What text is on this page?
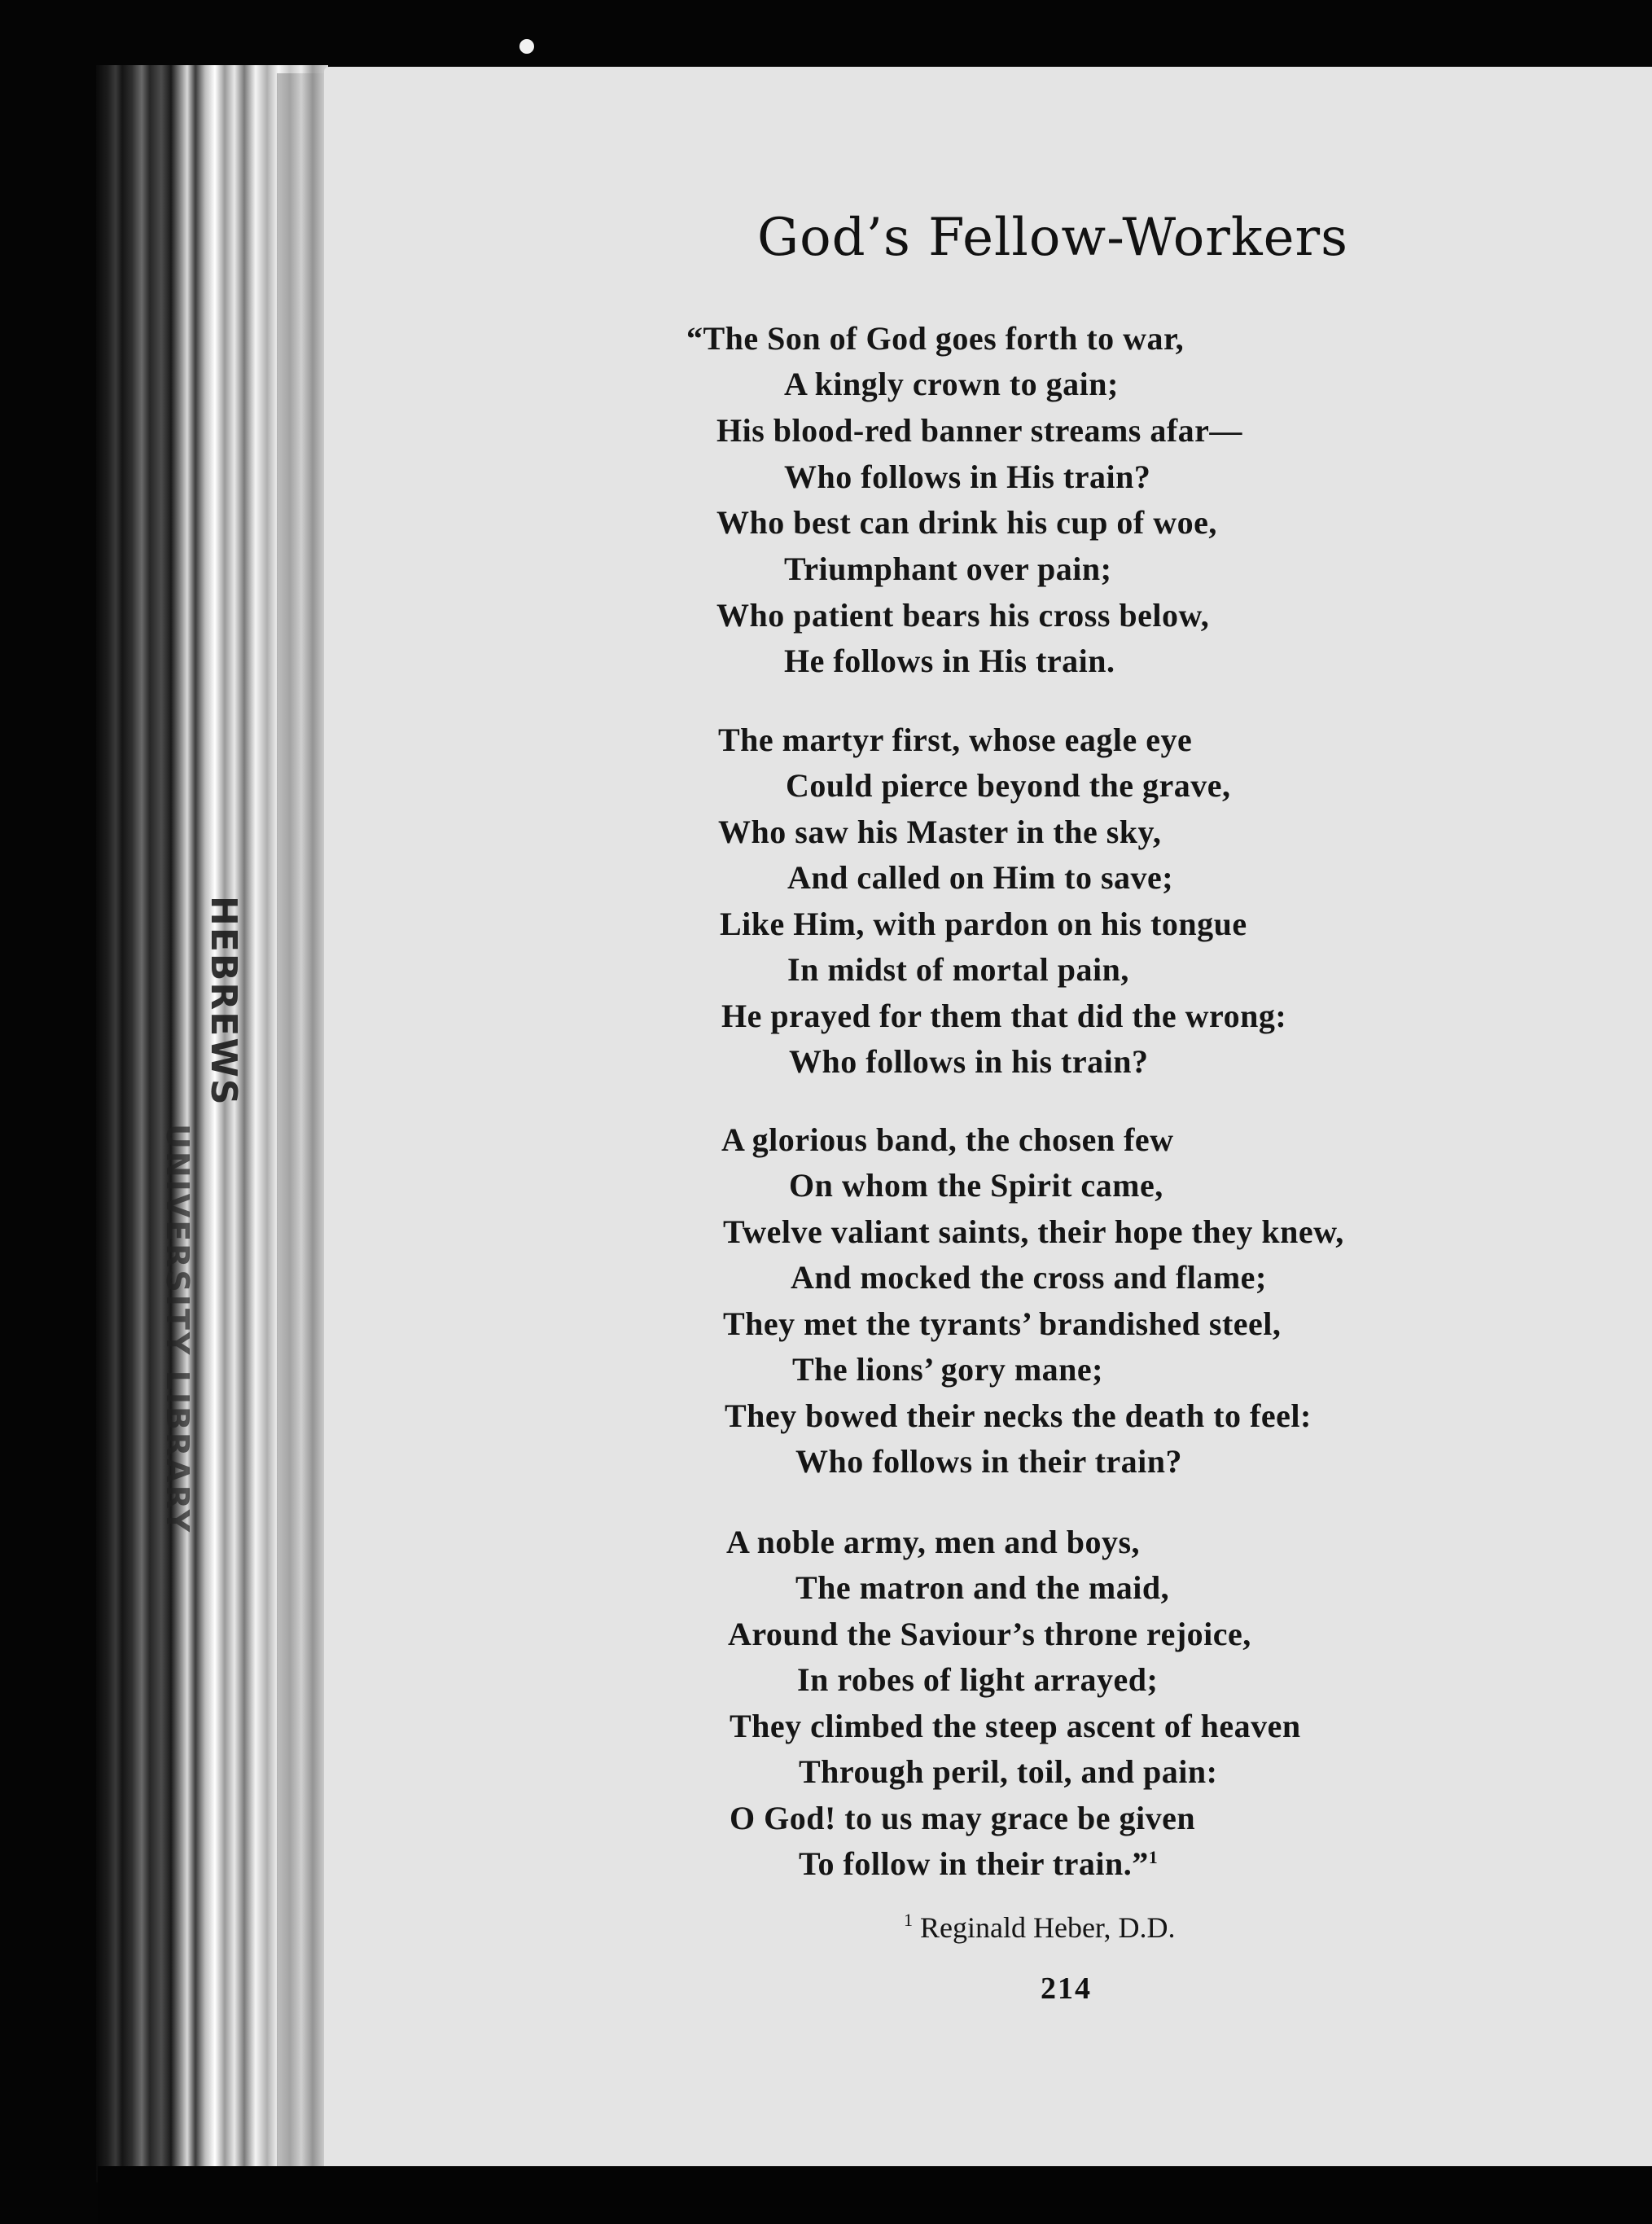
HEBREWS
UNIVERSITY LIBRARY
God’s Fellow-Workers
“The Son of God goes forth to war,
A kingly crown to gain;
His blood-red banner streams afar—
Who follows in His train?
Who best can drink his cup of woe,
Triumphant over pain;
Who patient bears his cross below,
He follows in His train.
The martyr first, whose eagle eye
Could pierce beyond the grave,
Who saw his Master in the sky,
And called on Him to save;
Like Him, with pardon on his tongue
In midst of mortal pain,
He prayed for them that did the wrong:
Who follows in his train?
A glorious band, the chosen few
On whom the Spirit came,
Twelve valiant saints, their hope they knew,
And mocked the cross and flame;
They met the tyrants’ brandished steel,
The lions’ gory mane;
They bowed their necks the death to feel:
Who follows in their train?
A noble army, men and boys,
The matron and the maid,
Around the Saviour’s throne rejoice,
In robes of light arrayed;
They climbed the steep ascent of heaven
Through peril, toil, and pain:
O God! to us may grace be given
To follow in their train.”$^1$
$^1$ Reginald Heber, D.D.
214
